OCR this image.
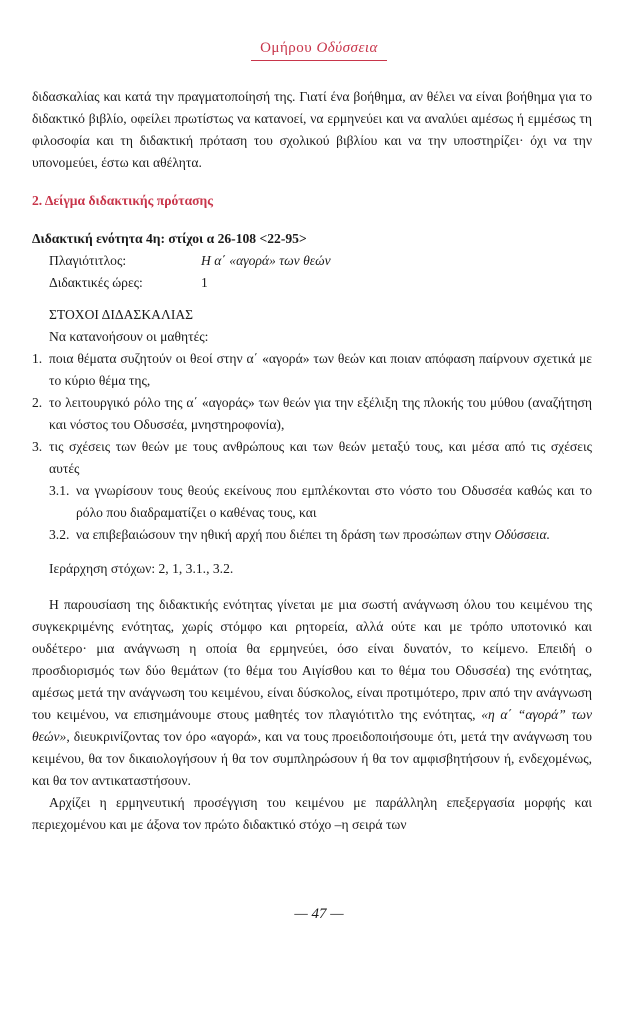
Ομήρου Οδύσσεια

διδασκαλίας και κατά την πραγματοποίησή της. Γιατί ένα βοήθημα, αν θέλει να είναι βοήθημα για το διδακτικό βιβλίο, οφείλει πρωτίστως να κατανοεί, να ερμηνεύει και να αναλύει αμέσως ή εμμέσως τη φιλοσοφία και τη διδακτική πρόταση του σχολικού βιβλίου και να την υποστηρίζει· όχι να την υπονομεύει, έστω και αθέλητα.

2. Δείγμα διδακτικής πρότασης

Διδακτική ενότητα 4η: στίχοι α 26-108 <22-95>

Πλαγιότιτλος:	Η α΄ «αγορά» των θεών
Διδακτικές ώρες:	1

ΣΤΟΧΟΙ ΔΙΔΑΣΚΑΛΙΑΣ

Να κατανοήσουν οι μαθητές:

1. ποια θέματα συζητούν οι θεοί στην α΄ «αγορά» των θεών και ποιαν απόφαση παίρνουν σχετικά με το κύριο θέμα της,
2. το λειτουργικό ρόλο της α΄ «αγοράς» των θεών για την εξέλιξη της πλοκής του μύθου (αναζήτηση και νόστος του Οδυσσέα, μνηστηροφονία),
3. τις σχέσεις των θεών με τους ανθρώπους και των θεών μεταξύ τους, και μέσα από τις σχέσεις αυτές
3.1. να γνωρίσουν τους θεούς εκείνους που εμπλέκονται στο νόστο του Οδυσσέα καθώς και το ρόλο που διαδραματίζει ο καθένας τους, και
3.2. να επιβεβαιώσουν την ηθική αρχή που διέπει τη δράση των προσώπων στην Οδύσσεια.

Ιεράρχηση στόχων: 2, 1, 3.1., 3.2.

Η παρουσίαση της διδακτικής ενότητας γίνεται με μια σωστή ανάγνωση όλου του κειμένου της συγκεκριμένης ενότητας, χωρίς στόμφο και ρητορεία, αλλά ούτε και με τρόπο υποτονικό και ουδέτερο· μια ανάγνωση η οποία θα ερμηνεύει, όσο είναι δυνατόν, το κείμενο. Επειδή ο προσδιορισμός των δύο θεμάτων (το θέμα του Αιγίσθου και το θέμα του Οδυσσέα) της ενότητας, αμέσως μετά την ανάγνωση του κειμένου, είναι δύσκολος, είναι προτιμότερο, πριν από την ανάγνωση του κειμένου, να επισημάνουμε στους μαθητές τον πλαγιότιτλο της ενότητας, «η α΄ “αγορά” των θεών», διευκρινίζοντας τον όρο «αγορά», και να τους προειδοποιήσουμε ότι, μετά την ανάγνωση του κειμένου, θα τον δικαιολογήσουν ή θα τον συμπληρώσουν ή θα τον αμφισβητήσουν ή, ενδεχομένως, και θα τον αντικαταστήσουν.

Αρχίζει η ερμηνευτική προσέγγιση του κειμένου με παράλληλη επεξεργασία μορφής και περιεχομένου και με άξονα τον πρώτο διδακτικό στόχο –η σειρά των

— 47 —
